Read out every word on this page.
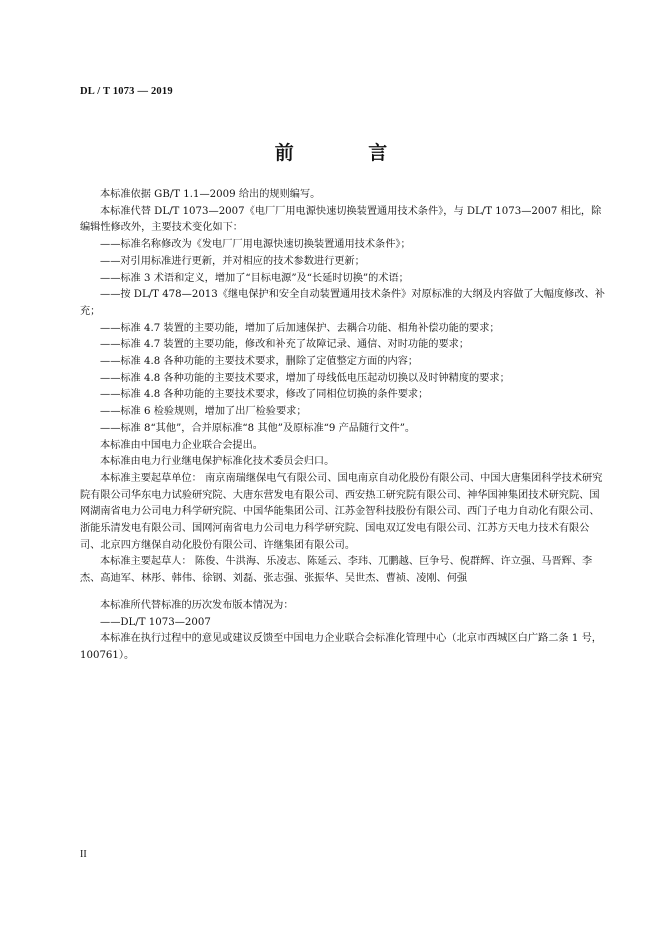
DL / T 1073 — 2019
前 言

本标准依据 GB/T 1.1—2009 给出的规则编写。

本标准代替 DL/T 1073—2007《电厂厂用电源快速切换装置通用技术条件》，与 DL/T 1073—2007 相比，除编辑性修改外，主要技术变化如下：

——标准名称修改为《发电厂厂用电源快速切换装置通用技术条件》；

——对引用标准进行更新，并对相应的技术参数进行更新；

——标准 3 术语和定义，增加了“目标电源”及“长延时切换”的术语；

——按 DL/T 478—2013《继电保护和安全自动装置通用技术条件》对原标准的大纲及内容做了大幅度修改、补充；

——标准 4.7 装置的主要功能，增加了后加速保护、去耦合功能、相角补偿功能的要求；

——标准 4.7 装置的主要功能，修改和补充了故障记录、通信、对时功能的要求；

——标准 4.8 各种功能的主要技术要求，删除了定值整定方面的内容；

——标准 4.8 各种功能的主要技术要求，增加了母线低电压起动切换以及时钟精度的要求；

——标准 4.8 各种功能的主要技术要求，修改了同相位切换的条件要求；

——标准 6 检验规则，增加了出厂检验要求；

——标准 8“其他”，合并原标准“8 其他”及原标准“9 产品随行文件”。

本标准由中国电力企业联合会提出。

本标准由电力行业继电保护标准化技术委员会归口。

本标准主要起草单位： 南京南瑞继保电气有限公司、国电南京自动化股份有限公司、中国大唐集团科学技术研究院有限公司华东电力试验研究院、大唐东营发电有限公司、西安热工研究院有限公司、神华国神集团技术研究院、国网湖南省电力公司电力科学研究院、中国华能集团公司、江苏金智科技股份有限公司、西门子电力自动化有限公司、浙能乐清发电有限公司、国网河南省电力公司电力科学研究院、国电双辽发电有限公司、江苏方天电力技术有限公司、北京四方继保自动化股份有限公司、许继集团有限公司。

本标准主要起草人： 陈俊、牛洪海、乐凌志、陈延云、李玮、兀鹏越、巨争号、倪群辉、许立强、马晋辉、李杰、高迪军、林彤、韩伟、徐钢、刘磊、张志强、张振华、吴世杰、曹祯、凌刚、何强

本标准所代替标准的历次发布版本情况为：

——DL/T 1073—2007

本标准在执行过程中的意见或建议反馈至中国电力企业联合会标准化管理中心（北京市西城区白广路二条 1 号，100761）。

II
